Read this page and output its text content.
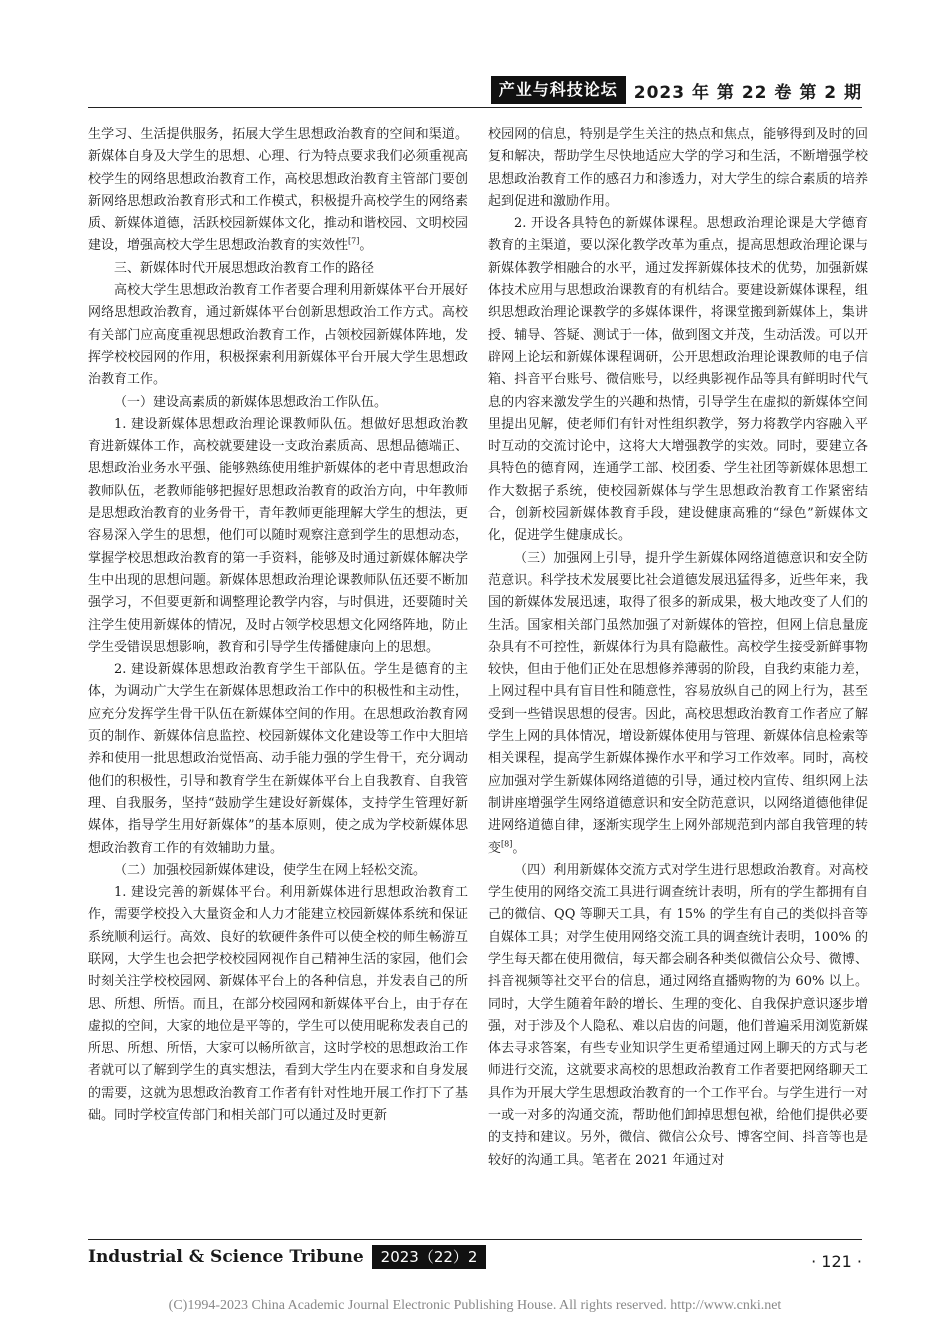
产业与科技论坛 2023 年 第 22 卷 第 2 期

生学习、生活提供服务，拓展大学生思想政治教育的空间和渠道。新媒体自身及大学生的思想、心理、行为特点要求我们必须重视高校学生的网络思想政治教育工作，高校思想政治教育主管部门要创新网络思想政治教育形式和工作模式，积极提升高校学生的网络素质、新媒体道德，活跃校园新媒体文化，推动和谐校园、文明校园建设，增强高校大学生思想政治教育的实效性[7]。

三、新媒体时代开展思想政治教育工作的路径

高校大学生思想政治教育工作者要合理利用新媒体平台开展好网络思想政治教育，通过新媒体平台创新思想政治工作方式。高校有关部门应高度重视思想政治教育工作，占领校园新媒体阵地，发挥学校校园网的作用，积极探索利用新媒体平台开展大学生思想政治教育工作。

（一）建设高素质的新媒体思想政治工作队伍。

1. 建设新媒体思想政治理论课教师队伍。想做好思想政治教育进新媒体工作，高校就要建设一支政治素质高、思想品德端正、思想政治业务水平强、能够熟练使用维护新媒体的老中青思想政治教师队伍，老教师能够把握好思想政治教育的政治方向，中年教师是思想政治教育的业务骨干，青年教师更能理解大学生的想法，更容易深入学生的思想，他们可以随时观察注意到学生的思想动态，掌握学校思想政治教育的第一手资料，能够及时通过新媒体解决学生中出现的思想问题。新媒体思想政治理论课教师队伍还要不断加强学习，不但要更新和调整理论教学内容，与时俱进，还要随时关注学生使用新媒体的情况，及时占领学校思想文化网络阵地，防止学生受错误思想影响，教育和引导学生传播健康向上的思想。

2. 建设新媒体思想政治教育学生干部队伍。学生是德育的主体，为调动广大学生在新媒体思想政治工作中的积极性和主动性，应充分发挥学生骨干队伍在新媒体空间的作用。在思想政治教育网页的制作、新媒体信息监控、校园新媒体文化建设等工作中大胆培养和使用一批思想政治觉悟高、动手能力强的学生骨干，充分调动他们的积极性，引导和教育学生在新媒体平台上自我教育、自我管理、自我服务，坚持“鼓励学生建设好新媒体，支持学生管理好新媒体，指导学生用好新媒体”的基本原则，使之成为学校新媒体思想政治教育工作的有效辅助力量。

（二）加强校园新媒体建设，使学生在网上轻松交流。

1. 建设完善的新媒体平台。利用新媒体进行思想政治教育工作，需要学校投入大量资金和人力才能建立校园新媒体系统和保证系统顺利运行。高效、良好的软硬件条件可以使全校的师生畅游互联网，大学生也会把学校校园网视作自己精神生活的家园，他们会时刻关注学校校园网、新媒体平台上的各种信息，并发表自己的所思、所想、所悟。而且，在部分校园网和新媒体平台上，由于存在虚拟的空间，大家的地位是平等的，学生可以使用昵称发表自己的所思、所想、所悟，大家可以畅所欲言，这时学校的思想政治工作者就可以了解到学生的真实想法，看到大学生内在要求和自身发展的需要，这就为思想政治教育工作者有针对性地开展工作打下了基础。同时学校宣传部门和相关部门可以通过及时更新

校园网的信息，特别是学生关注的热点和焦点，能够得到及时的回复和解决，帮助学生尽快地适应大学的学习和生活，不断增强学校思想政治教育工作的感召力和渗透力，对大学生的综合素质的培养起到促进和激励作用。

2. 开设各具特色的新媒体课程。思想政治理论课是大学德育教育的主渠道，要以深化教学改革为重点，提高思想政治理论课与新媒体教学相融合的水平，通过发挥新媒体技术的优势，加强新媒体技术应用与思想政治课教育的有机结合。要建设新媒体课程，组织思想政治理论课教学的多媒体课件，将课堂搬到新媒体上，集讲授、辅导、答疑、测试于一体，做到图文并茂，生动活泼。可以开辟网上论坛和新媒体课程调研，公开思想政治理论课教师的电子信箱、抖音平台账号、微信账号，以经典影视作品等具有鲜明时代气息的内容来激发学生的兴趣和热情，引导学生在虚拟的新媒体空间里提出见解，使老师们有针对性组织教学，努力将教学内容融入平时互动的交流讨论中，这将大大增强教学的实效。同时，要建立各具特色的德育网，连通学工部、校团委、学生社团等新媒体思想工作大数据子系统，使校园新媒体与学生思想政治教育工作紧密结合，创新校园新媒体教育手段，建设健康高雅的“绿色”新媒体文化，促进学生健康成长。

（三）加强网上引导，提升学生新媒体网络道德意识和安全防范意识。科学技术发展要比社会道德发展迅猛得多，近些年来，我国的新媒体发展迅速，取得了很多的新成果，极大地改变了人们的生活。国家相关部门虽然加强了对新媒体的管控，但网上信息量庞杂具有不可控性，新媒体行为具有隐蔽性。高校学生接受新鲜事物较快，但由于他们正处在思想修养薄弱的阶段，自我约束能力差，上网过程中具有盲目性和随意性，容易放纵自己的网上行为，甚至受到一些错误思想的侵害。因此，高校思想政治教育工作者应了解学生上网的具体情况，增设新媒体使用与管理、新媒体信息检索等相关课程，提高学生新媒体操作水平和学习工作效率。同时，高校应加强对学生新媒体网络道德的引导，通过校内宣传、组织网上法制讲座增强学生网络道德意识和安全防范意识，以网络道德他律促进网络道德自律，逐渐实现学生上网外部规范到内部自我管理的转变[8]。

（四）利用新媒体交流方式对学生进行思想政治教育。对高校学生使用的网络交流工具进行调查统计表明，所有的学生都拥有自己的微信、QQ 等聊天工具，有 15% 的学生有自己的类似抖音等自媒体工具；对学生使用网络交流工具的调查统计表明，100% 的学生每天都在使用微信，每天都会刷各种类似微信公众号、微博、抖音视频等社交平台的信息，通过网络直播购物的为 60% 以上。同时，大学生随着年龄的增长、生理的变化、自我保护意识逐步增强，对于涉及个人隐私、难以启齿的问题，他们普遍采用浏览新媒体去寻求答案，有些专业知识学生更希望通过网上聊天的方式与老师进行交流，这就要求高校的思想政治教育工作者要把网络聊天工具作为开展大学生思想政治教育的一个工作平台。与学生进行一对一或一对多的沟通交流，帮助他们卸掉思想包袱，给他们提供必要的支持和建议。另外，微信、微信公众号、博客空间、抖音等也是较好的沟通工具。笔者在 2021 年通过对

Industrial & Science Tribune	2023（22）2	· 121 ·
(C)1994-2023 China Academic Journal Electronic Publishing House. All rights reserved. http://www.cnki.net
